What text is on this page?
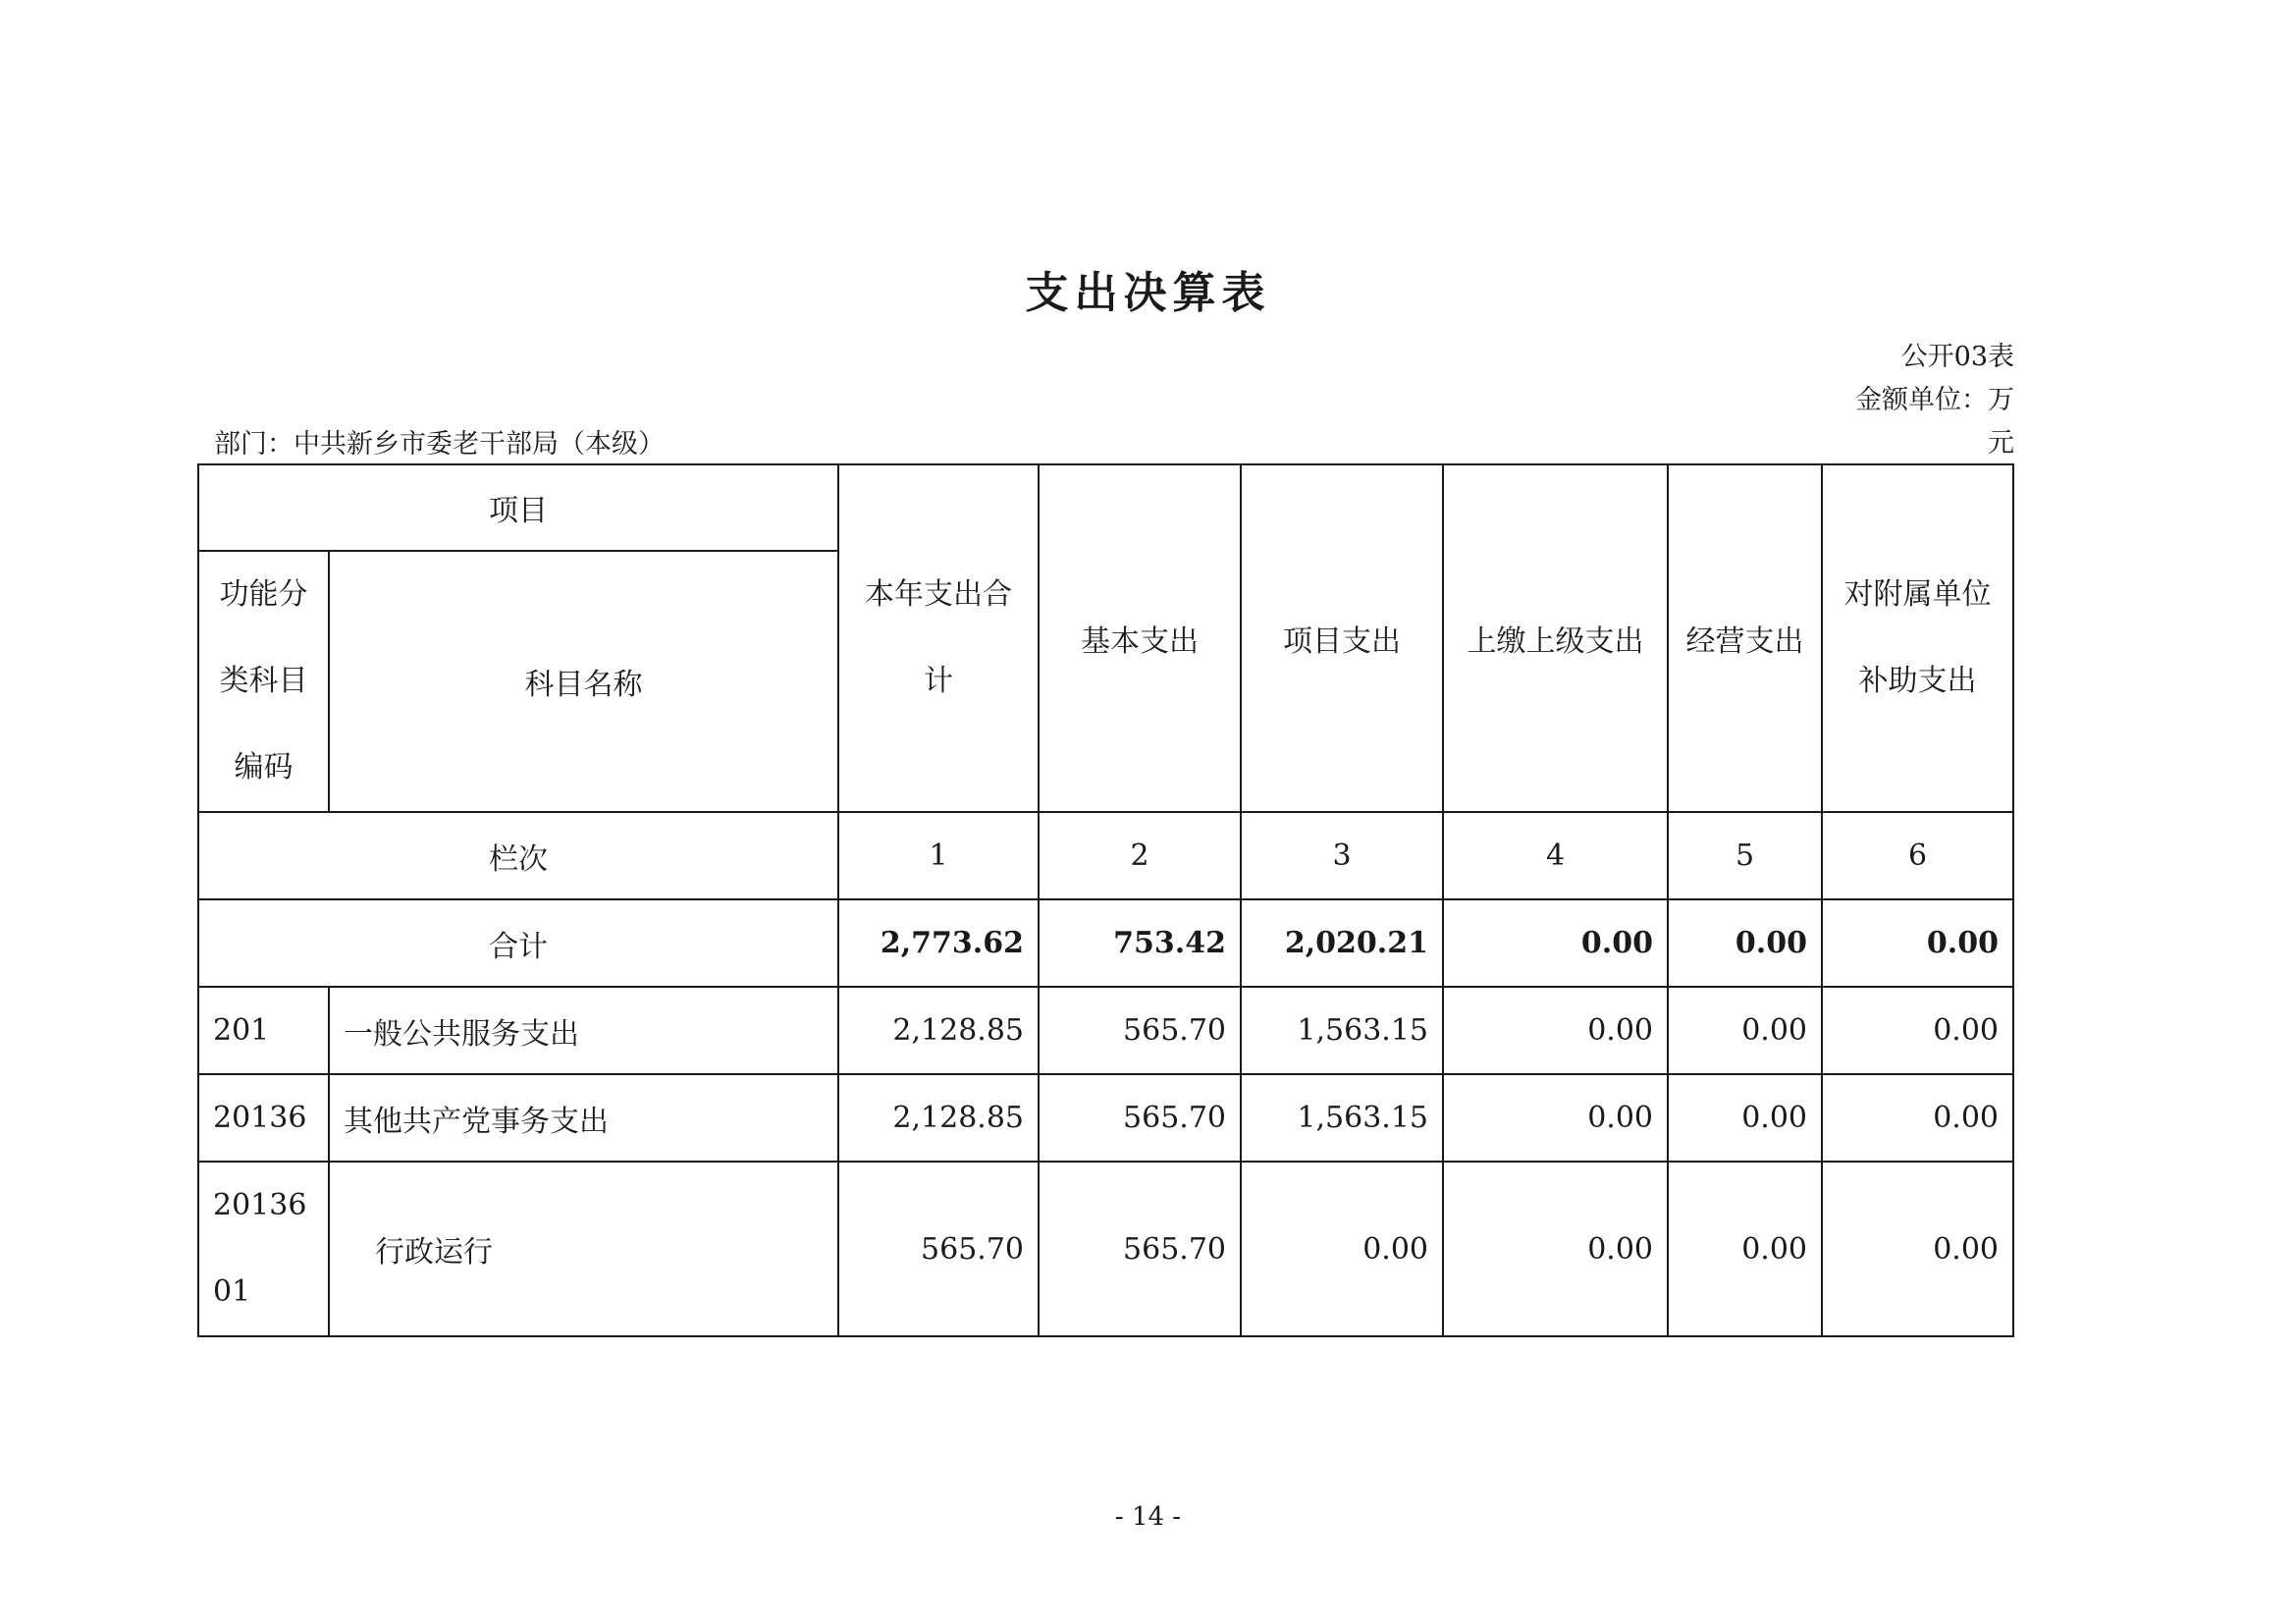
支出决算表
公开03表
金额单位：万
元
部门：中共新乡市委老干部局（本级）
项目		本年支出合计	基本支出	项目支出	上缴上级支出	经营支出	对附属单位补助支出
功能分类科目编码	科目名称						
栏次		1	2	3	4	5	6
合计		2,773.62	753.42	2,020.21	0.00	0.00	0.00
201	一般公共服务支出	2,128.85	565.70	1,563.15	0.00	0.00	0.00
20136	其他共产党事务支出	2,128.85	565.70	1,563.15	0.00	0.00	0.00
2013601	行政运行	565.70	565.70	0.00	0.00	0.00	0.00
- 14 -
